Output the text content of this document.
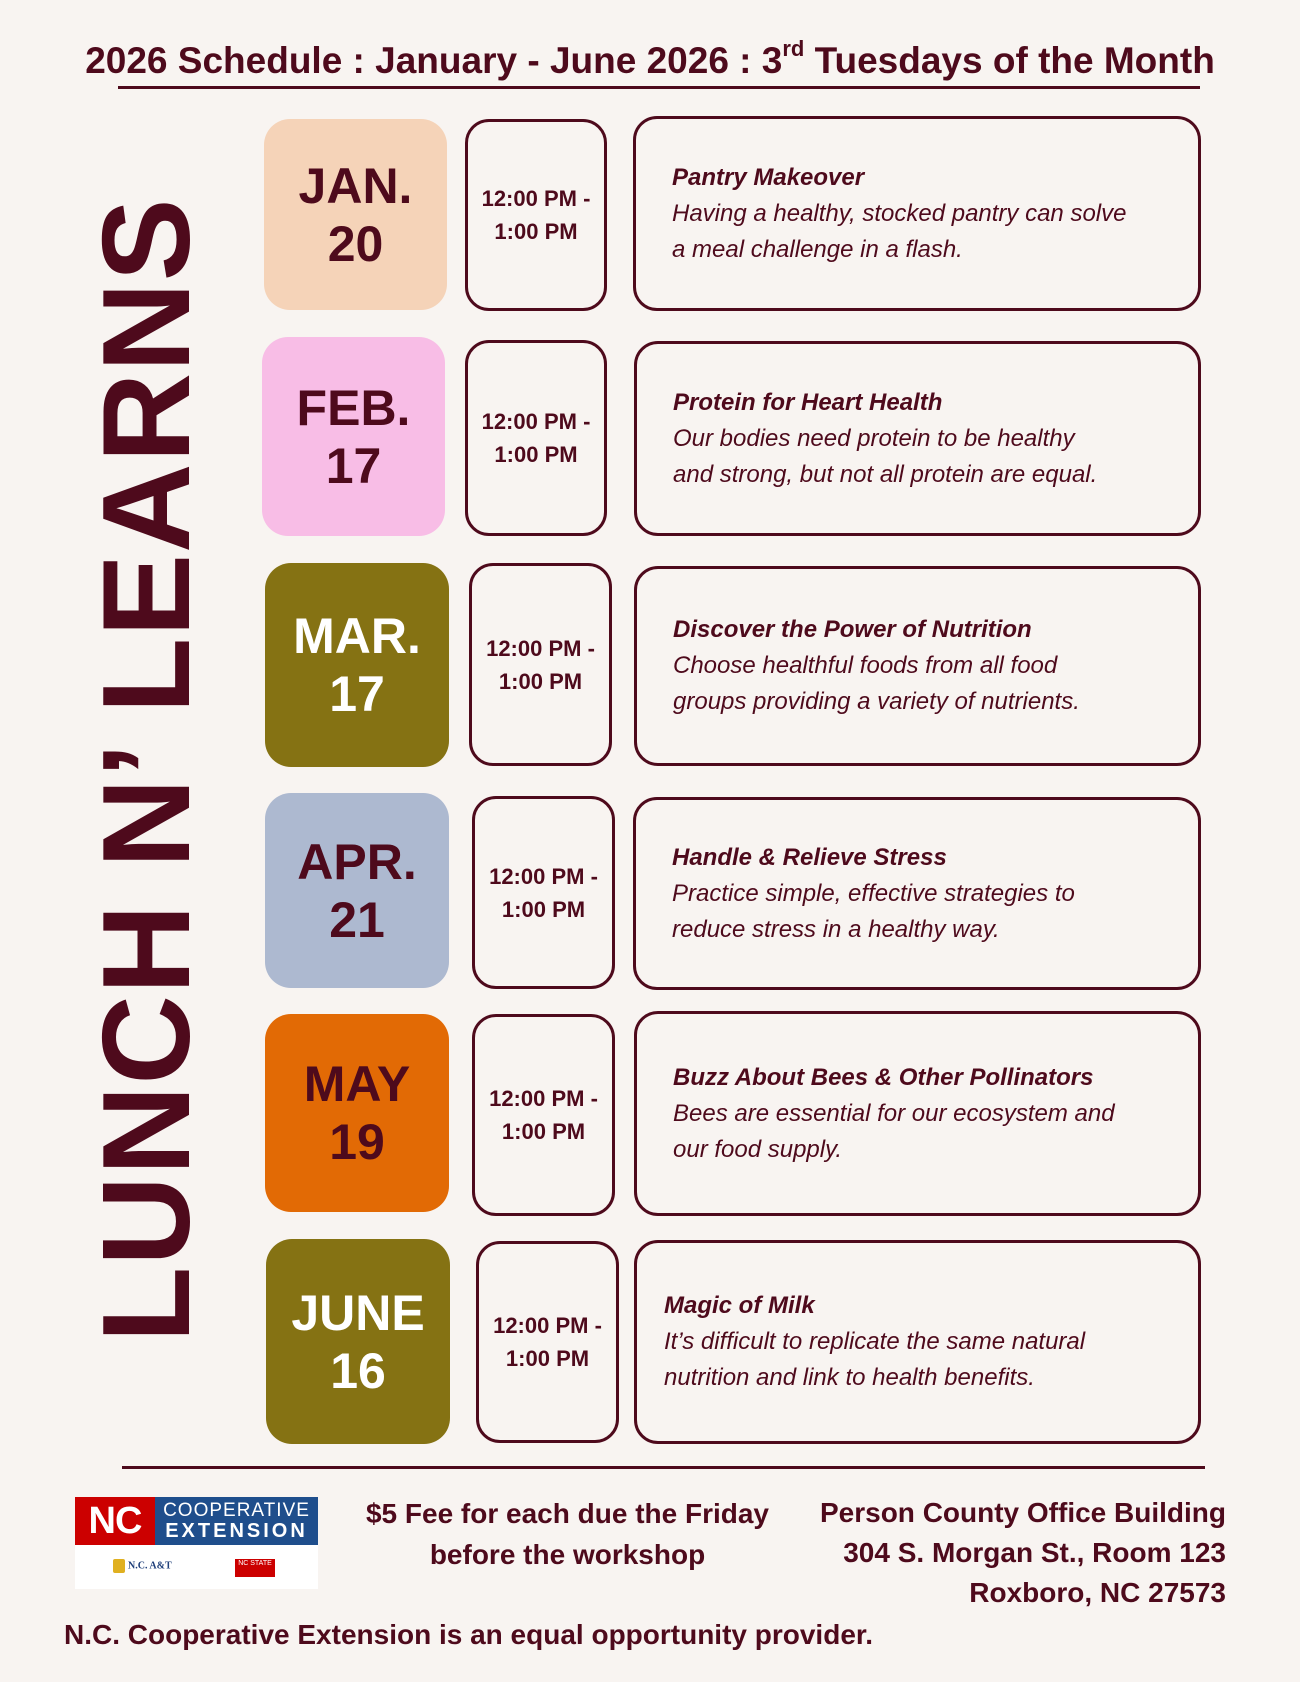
2026 Schedule : January - June 2026 : 3rd Tuesdays of the Month
LUNCH N’ LEARNS
JAN.
20
12:00 PM -
1:00 PM
Pantry Makeover
Having a healthy, stocked pantry can solve
a meal challenge in a flash.
FEB.
17
12:00 PM -
1:00 PM
Protein for Heart Health
Our bodies need protein to be healthy
and strong, but not all protein are equal.
MAR.
17
12:00 PM -
1:00 PM
Discover the Power of Nutrition
Choose healthful foods from all food
groups providing a variety of nutrients.
APR.
21
12:00 PM -
1:00 PM
Handle & Relieve Stress
Practice simple, effective strategies to
reduce stress in a healthy way.
MAY
19
12:00 PM -
1:00 PM
Buzz About Bees & Other Pollinators
Bees are essential for our ecosystem and
our food supply.
JUNE
16
12:00 PM -
1:00 PM
Magic of Milk
It’s difficult to replicate the same natural
nutrition and link to health benefits.
NC	COOPERATIVE
EXTENSION
N.C. A&T	NC STATE
$5 Fee for each due the Friday
before the workshop
Person County Office Building
304 S. Morgan St., Room 123
Roxboro, NC 27573
N.C. Cooperative Extension is an equal opportunity provider.
